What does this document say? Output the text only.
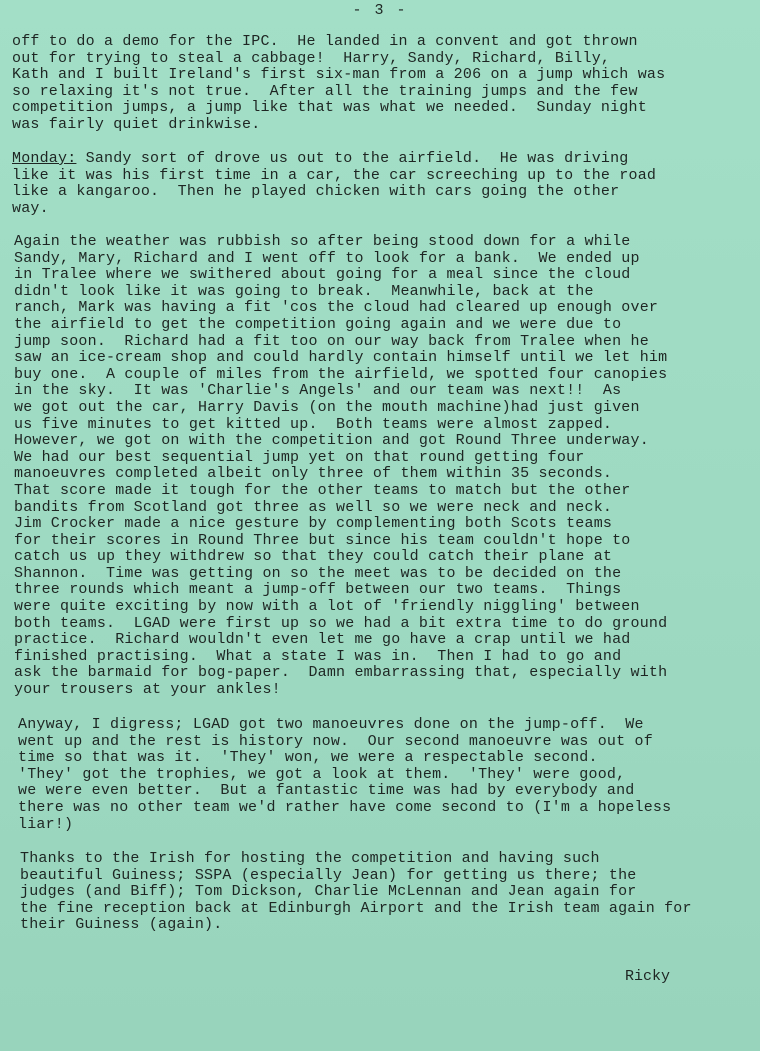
- 3 -
off to do a demo for the IPC.  He landed in a convent and got thrown
out for trying to steal a cabbage!  Harry, Sandy, Richard, Billy,
Kath and I built Ireland's first six-man from a 206 on a jump which was
so relaxing it's not true.  After all the training jumps and the few
competition jumps, a jump like that was what we needed.  Sunday night
was fairly quiet drinkwise.
Monday: Sandy sort of drove us out to the airfield.  He was driving
like it was his first time in a car, the car screeching up to the road
like a kangaroo.  Then he played chicken with cars going the other
way.
Again the weather was rubbish so after being stood down for a while
Sandy, Mary, Richard and I went off to look for a bank.  We ended up
in Tralee where we swithered about going for a meal since the cloud
didn't look like it was going to break.  Meanwhile, back at the
ranch, Mark was having a fit 'cos the cloud had cleared up enough over
the airfield to get the competition going again and we were due to
jump soon.  Richard had a fit too on our way back from Tralee when he
saw an ice-cream shop and could hardly contain himself until we let him
buy one.  A couple of miles from the airfield, we spotted four canopies
in the sky.  It was 'Charlie's Angels' and our team was next!!  As
we got out the car, Harry Davis (on the mouth machine)had just given
us five minutes to get kitted up.  Both teams were almost zapped.
However, we got on with the competition and got Round Three underway.
We had our best sequential jump yet on that round getting four
manoeuvres completed albeit only three of them within 35 seconds.
That score made it tough for the other teams to match but the other
bandits from Scotland got three as well so we were neck and neck.
Jim Crocker made a nice gesture by complementing both Scots teams
for their scores in Round Three but since his team couldn't hope to
catch us up they withdrew so that they could catch their plane at
Shannon.  Time was getting on so the meet was to be decided on the
three rounds which meant a jump-off between our two teams.  Things
were quite exciting by now with a lot of 'friendly niggling' between
both teams.  LGAD were first up so we had a bit extra time to do ground
practice.  Richard wouldn't even let me go have a crap until we had
finished practising.  What a state I was in.  Then I had to go and
ask the barmaid for bog-paper.  Damn embarrassing that, especially with
your trousers at your ankles!
Anyway, I digress; LGAD got two manoeuvres done on the jump-off.  We
went up and the rest is history now.  Our second manoeuvre was out of
time so that was it.  'They' won, we were a respectable second.
'They' got the trophies, we got a look at them.  'They' were good,
we were even better.  But a fantastic time was had by everybody and
there was no other team we'd rather have come second to (I'm a hopeless
liar!)
Thanks to the Irish for hosting the competition and having such
beautiful Guiness; SSPA (especially Jean) for getting us there; the
judges (and Biff); Tom Dickson, Charlie McLennan and Jean again for
the fine reception back at Edinburgh Airport and the Irish team again for
their Guiness (again).
Ricky
